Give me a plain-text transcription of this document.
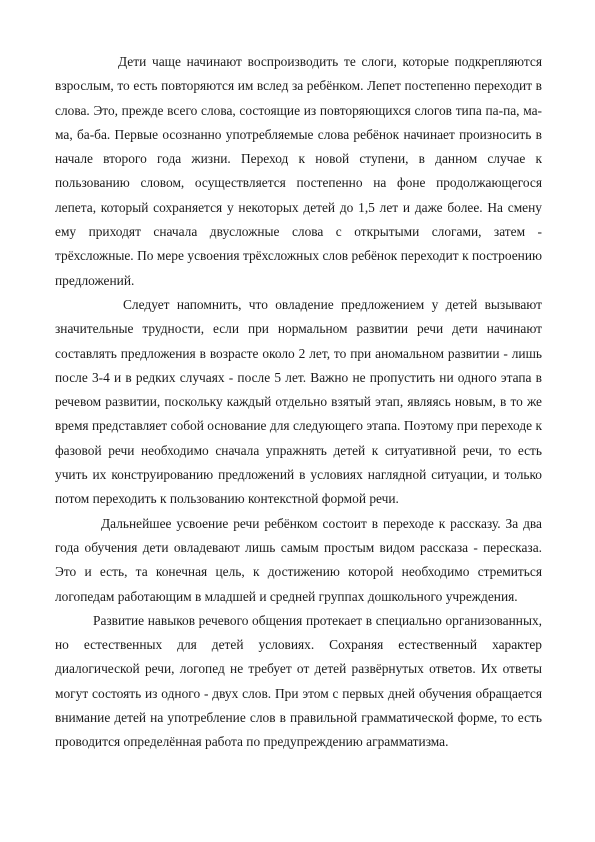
Дети чаще начинают воспроизводить те слоги, которые подкрепляются взрослым, то есть повторяются им вслед за ребёнком. Лепет постепенно переходит в слова. Это, прежде всего слова, состоящие из повторяющихся слогов типа па-па, ма-ма, ба-ба. Первые осознанно употребляемые слова ребёнок начинает произносить в начале второго года жизни. Переход к новой ступени, в данном случае к пользованию словом, осуществляется постепенно на фоне продолжающегося лепета, который сохраняется у некоторых детей до 1,5 лет и даже более. На смену ему приходят сначала двусложные слова с открытыми слогами, затем - трёхсложные. По мере усвоения трёхсложных слов ребёнок переходит к построению предложений.

Следует напомнить, что овладение предложением у детей вызывают значительные трудности, если при нормальном развитии речи дети начинают составлять предложения в возрасте около 2 лет, то при аномальном развитии - лишь после 3-4 и в редких случаях - после 5 лет. Важно не пропустить ни одного этапа в речевом развитии, поскольку каждый отдельно взятый этап, являясь новым, в то же время представляет собой основание для следующего этапа. Поэтому при переходе к фазовой речи необходимо сначала упражнять детей к ситуативной речи, то есть учить их конструированию предложений в условиях наглядной ситуации, и только потом переходить к пользованию контекстной формой речи.

Дальнейшее усвоение речи ребёнком состоит в переходе к рассказу. За два года обучения дети овладевают лишь самым простым видом рассказа - пересказа. Это и есть, та конечная цель, к достижению которой необходимо стремиться логопедам работающим в младшей и средней группах дошкольного учреждения.

Развитие навыков речевого общения протекает в специально организованных, но естественных для детей условиях. Сохраняя естественный характер диалогической речи, логопед не требует от детей развёрнутых ответов. Их ответы могут состоять из одного - двух слов. При этом с первых дней обучения обращается внимание детей на употребление слов в правильной грамматической форме, то есть проводится определённая работа по предупреждению аграмматизма.
